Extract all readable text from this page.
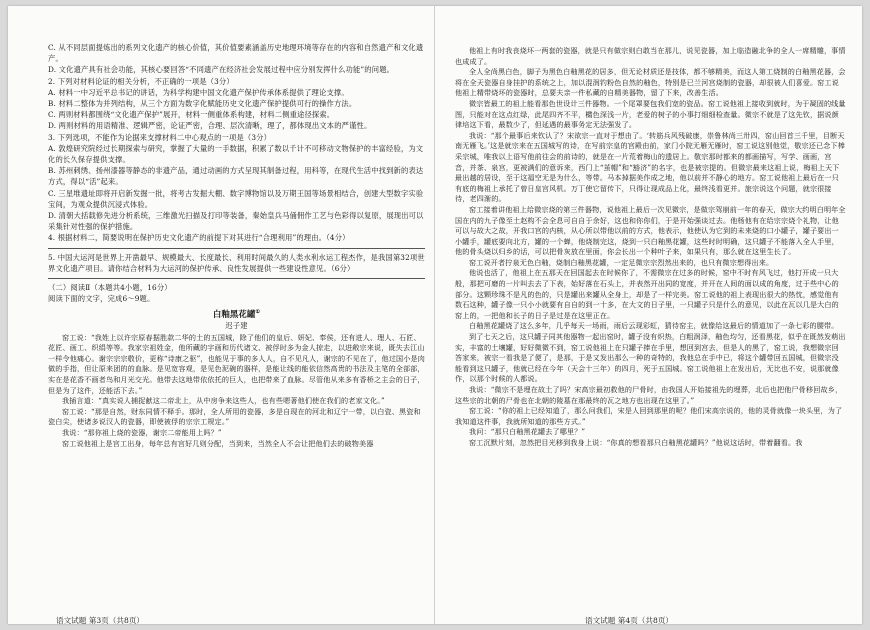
C. 从不同层面提炼出的系列文化遗产的核心价值，其价值要素涵盖历史地理环境等存在的内容和自然遗产和文化遗产。

D. 文化遗产具有社会功能，其核心要回答“不同遗产在经济社会发展过程中应分别发挥什么功能”的问题。

2. 下列对材料论证的相关分析，不正确的一项是（3分）

A. 材料一中习近平总书记的讲话，为科学构建中国文化遗产保护传承体系提供了理论支撑。

B. 材料二整体为并列结构，从三个方面为数字化赋能历史文化遗产保护提供可行的操作方法。

C. 两则材料都围绕“文化遗产保护”展开，材料一侧重体系构建，材料二侧重途径探索。

D. 两则材料的用语精准、逻辑严密，论证严密，合理、层次清晰，理了，都体现出文本的严谨性。

3. 下列选项，不能作为论据来支撑材料二中心观点的一项是（3分）

A. 敦煌研究院经过长期探索与研究，掌握了大量的一手数据，积累了数以千计不可移动文物保护的丰富经验，为文化的长久保存提供支撑。

B. 苏州刺绣、扬州漆器等静态的非遗产品，通过动画的方式呈现其制备过程，用科等，在现代生活中找到新的表达方式，得以“活”起来。

C. 三星堆遗址即将开启新发掘一批，将考古发掘大棚、数字博物馆以及万期王国等场景相结合，创建大型数字实验宝间，为观众提供沉浸式体验。

D. 清朝大括载修先进分析系统，三维激光扫描及打印等装备，秦始皇兵马俑佣作工艺与色彩得以复原，展现出可以采集针对性强的保护措施。

4. 根据材料二，简要说明在保护历史文化遗产的前提下对其进行“合理利用”的理由。（4分）

5. 中国大运河是世界上开凿最早、规模最大、长度最长、利用时间最久的人类水利水运工程杰作，是我国第32项世界文化遗产项目。请你结合材料为大运河的保护传承、良性发展提供一些建设性意见。（6分）

（二）阅读Ⅱ（本题共4小题，16分）

阅读下面的文字，完成6～9题。

白釉黑花罐①

迟子建

窑工说：“我姓上以许宗原春据胜款二华的土的五国城，除了他们的皇后、妍妃、奉侯，还有进人、理人、石匠、花匠、画工、织绢等等。我家宗祖姓金，他所藏的字画和历代诸文、被俘时多为金人掠走，以进敞宗来说，既失去江山一样令他痛心。谢宗宗宗敬价，更称“诗康之驱”，也能见于事的多人人，自不见凡人，谢宗的不见在了，他过国小是肉做的手指，但让原来团的的血脉。是见宽容观，是见色泥碗的器样，是能让线的能依信然高贵的书法及主笔的全部部，实在是花香不画者鸟和月光交光。他带去这地带依依托的巨人，也把带来了血脉。尽管他从来多有香桥之主会的日子，但是为了这件，还能活下去。”

我插言道：“真实说人捕捉献这二帝北上，从中房争来这些人，也有些嗯著他们使在我们的老家文化。”

窑工说：“那是自然，财东同情不释手。那时，全人所用的瓷器，多是自现在的河北和辽宁一带，以白瓷、黑瓷和瓷白尖，使诸多说汉人的瓷器，即使被俘的宗宗工规定。”

我说：“那你祖上烧的瓷器，谢宗二帝能用上吗？”

窑工说他祖上是宫工出身，每年总有宫好几则分配，当到来，当然全人不会让把他们去的破物美器

语文试题 第3页（共8页）

他祖上有时我丧烧坏一两套的瓷器，就是只有做宗则白敢当在那儿，说见瓷器，加上临造融北争的全人一席精雕，事情也成成了。

全人全尚黑白色，脚子为黑色白釉黑花的居多，但无论材质还是技体，都不够精美，而这人第工烧制的白釉黑花器，会将在全天瓷器自身挂护的系统之上，加以混润钓粉色自然的釉色，特别是已兰河宫烧制的瓷器，却很被人们喜爱。窑工说他祖上精带烧坏的瓷器时，总要夫亲一件私藏的自精美器物，留了下来，改善生活。

微宗皆最工的祖上能看那色世设计三件器物。一个尾罩要包我们宽的瓷品。窑工说他祖上接收到就时，为于凝固的线量图，只能对在这点红绿，此尾四齐不平，橢色深浅一片，老爱的树子的小事打细细检查量。微宗不就是了这先钦，据说颜律培这下看，最数少了，但延遇的最事务定无法强发了。

我说：“那个最事后来钦认了？宋欲宗一直对于想由了。‘转筋兵风残破康，崇鲁林尚三卅四，窑山回首三千里，目断天南无雁飞。’这是就宗来在五国城写的诗，在写前宗皇的宫殿由前，家门小院无雁无雁时，窑工说这别他觉，敬宗还已念下棒采宗城，唯我以上语写他前往会的前诗的，就是在一片荒着梅山的遗居上。敬宗那时都来的都画描写，写学、画画，宫音，并茶、泉宫，更被满们的意诉来，西门上“茧帽”和“豁济”的名字，也是被宗提的。但微宗最来这祖上说，梅祖上天下最出越的居设，至于这福空无是为什么，等带。马本掉据美作成之地，他以前并不静心的地方。窑工说他祖上最后在一只有底的梅祖上承托了曾日皇宫风机。万丁使它留传下，只得让现成品上化，最终浅看更并。旅宗说这个问题，就宗很接待，老四渐的。

窑工接着讲他祖上给微宗烧的第三件器物，说他祖上最后一次见微宗，是做宗驾崩前一年的春天，做宗大约明白明年全国在内的九子像至土赵构不会全息可自自于余好，这也和你你们，于是开始强谈过去。他杨他有在给宗宗烧个礼物，让他可以与故大之故，开我口宫的内核，从心所以带他以前的方式，他表示，他使认为它到的未来烧的口小罐子，罐子要出一小罐手，罐底要向北方，罐的一个蝉，他烧制完这，烧到一只白釉黑花罐，这些时时明确，这只罐子不能落入全人手里，他的骨头烧以归乡的话，可以把骨灰放在里面，你会长出一个种叶子来，如果只有，那么就在这里生长了。

窑工说开者拧泉无色白釉，烧制白釉黑花罐，一定足微宗宗烈然出来的，也只有微宗想得出来。

他说也活了，他祖上在五那天在回国起去在时候你了，不需微宗在过多的时候，窑中不时有风飞过，他打开成一只大般，那把可磨的一片叫去去了下表，始好落在石头上，并表然开出同的宽度，并开在人间的面以成的角度，过于些中心的部分。这颗珍珠不是凡的色的，只是罐出来罐从全身上，却是了一样完美。窑工说他的祖上表现出很大的热忱，感觉他有数石这种，罐子像一只小小就要有自自的到一十多，在大文的日子里，一只罐子只是什么的意见，以此在瓦以几是大白的窑上的，一把他和长子的日子是过是在这里正在。

白釉黑花罐烧了这么多年，几乎每天一场雨，雨后云现彩虹，猜待窑主，就像给这最后的情道加了一条七彩的腰带。

到了七天之后，这只罐子同其他器物一起出窑时，罐子没有炽热，白粗润泽，釉色均匀，还看黑花，似乎在既然发萌出实，丰富的土壤罐，好好微微不到，窑工说他祖上在只罐子捧在手里，想回到宫去，但是人的黑了，窑工说，我想微宗回答家来，被宗一看我是了便了，是那，于是又发出那么一种的奇特的，我他总在手中已，将这个罐带回五国城，但微宗没能看到这只罐子，他就已经在今年（天会十三年）的四月，死于五国城。窑工说他祖上在发出后，无比也不安，说那就像作，以那个时候的人都说。

我说：“微宗不是埋在故土了吗？宋高宗最初救他的尸骨时，由我国人开始接祖先的埋葬，北后也把他尸骨移回故乡，这些宗的北朝的尸骨也在北朝的陵墓在那最终的瓦之地方也出现在这里了。”

窑工说：“你的祖上已经知道了，那么问我们，宋是人回到那里的呢？他们宋高宗说的，他的灵骨就像一块头里，为了我知道这件事，我就所知道的那些方式。”

我问：“那只白釉黑花罐去了哪里？”

窑工沉默片刻，忽然把目光移到我身上说：“你真的想看那只白釉黑花罐吗？”他说这话时，带着翻看。我

语文试题 第4页（共8页）
